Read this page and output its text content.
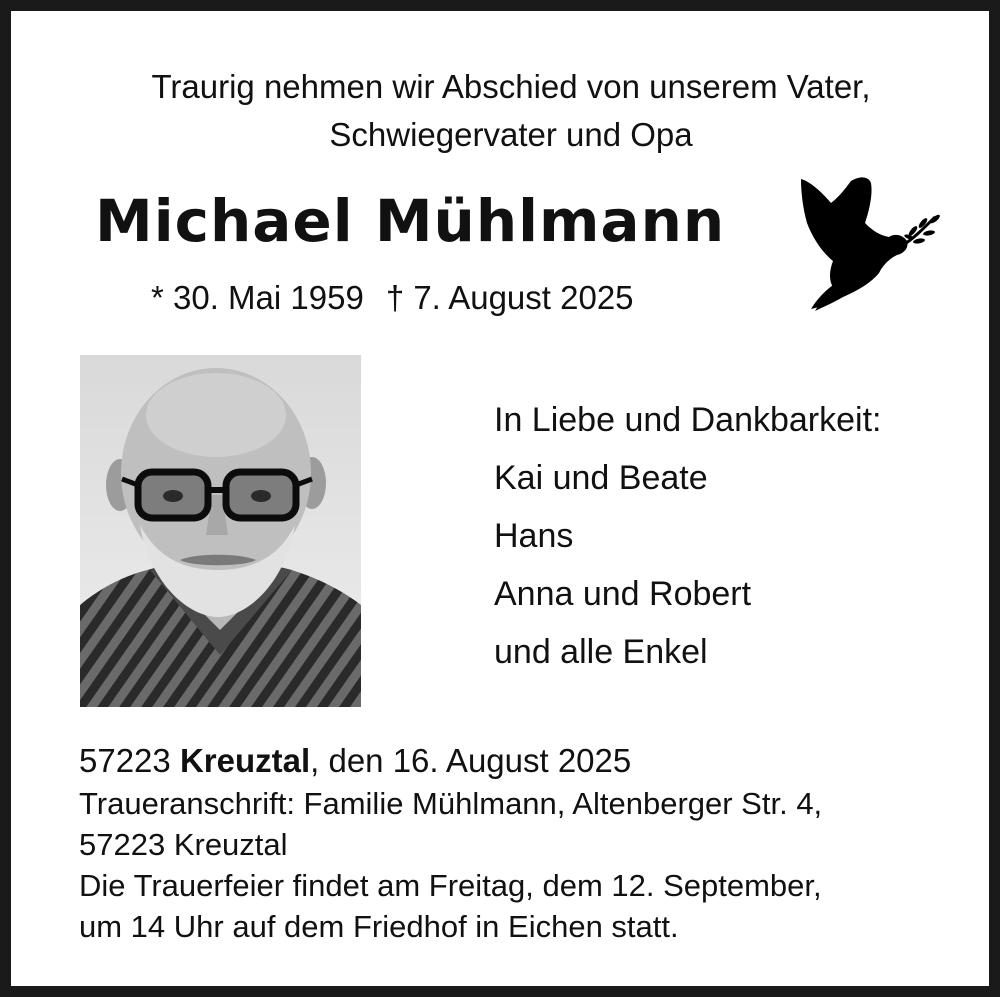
Traurig nehmen wir Abschied von unserem Vater,
Schwiegervater und Opa
Michael Mühlmann
* 30. Mai 1959 † 7. August 2025
In Liebe und Dankbarkeit:
Kai und Beate
Hans
Anna und Robert
und alle Enkel
57223 Kreuztal, den 16. August 2025
Traueranschrift: Familie Mühlmann, Altenberger Str. 4,
57223 Kreuztal
Die Trauerfeier findet am Freitag, dem 12. September,
um 14 Uhr auf dem Friedhof in Eichen statt.
